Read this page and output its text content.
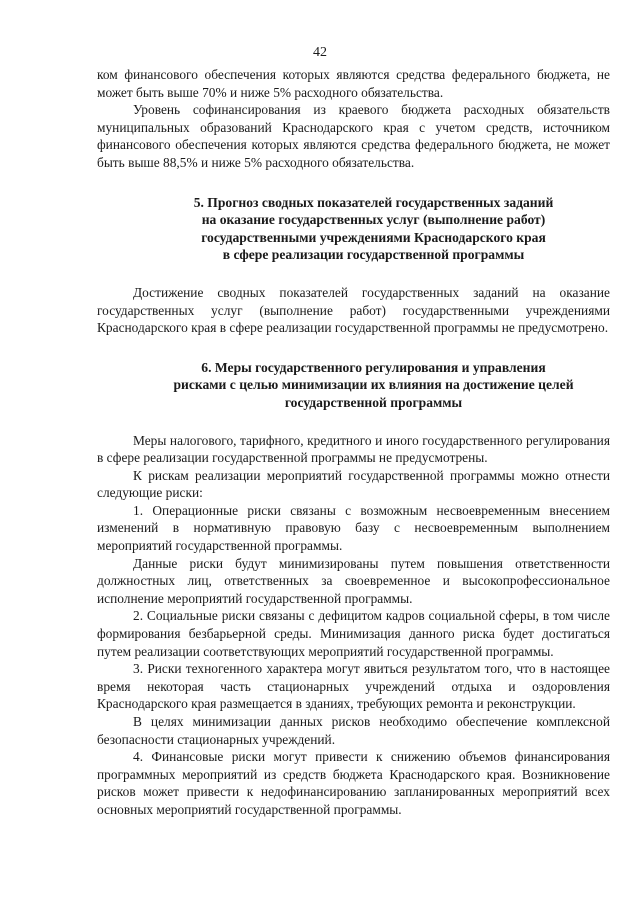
42

ком финансового обеспечения которых являются средства федерального бюджета, не может быть выше 70% и ниже 5% расходного обязательства.

Уровень софинансирования из краевого бюджета расходных обязательств муниципальных образований Краснодарского края с учетом средств, источником финансового обеспечения которых являются средства федерального бюджета, не может быть выше 88,5% и ниже 5% расходного обязательства.

5. Прогноз сводных показателей государственных заданий
на оказание государственных услуг (выполнение работ)
государственными учреждениями Краснодарского края
в сфере реализации государственной программы

Достижение сводных показателей государственных заданий на оказание государственных услуг (выполнение работ) государственными учреждениями Краснодарского края в сфере реализации государственной программы не предусмотрено.

6. Меры государственного регулирования и управления
рисками с целью минимизации их влияния на достижение целей
государственной программы

Меры налогового, тарифного, кредитного и иного государственного регулирования в сфере реализации государственной программы не предусмотрены.

К рискам реализации мероприятий государственной программы можно отнести следующие риски:

1. Операционные риски связаны с возможным несвоевременным внесением изменений в нормативную правовую базу с несвоевременным выполнением мероприятий государственной программы.

Данные риски будут минимизированы путем повышения ответственности должностных лиц, ответственных за своевременное и высокопрофессиональное исполнение мероприятий государственной программы.

2. Социальные риски связаны с дефицитом кадров социальной сферы, в том числе формирования безбарьерной среды. Минимизация данного риска будет достигаться путем реализации соответствующих мероприятий государственной программы.

3. Риски техногенного характера могут явиться результатом того, что в настоящее время некоторая часть стационарных учреждений отдыха и оздоровления Краснодарского края размещается в зданиях, требующих ремонта и реконструкции.

В целях минимизации данных рисков необходимо обеспечение комплексной безопасности стационарных учреждений.

4. Финансовые риски могут привести к снижению объемов финансирования программных мероприятий из средств бюджета Краснодарского края. Возникновение рисков может привести к недофинансированию запланированных мероприятий всех основных мероприятий государственной программы.
